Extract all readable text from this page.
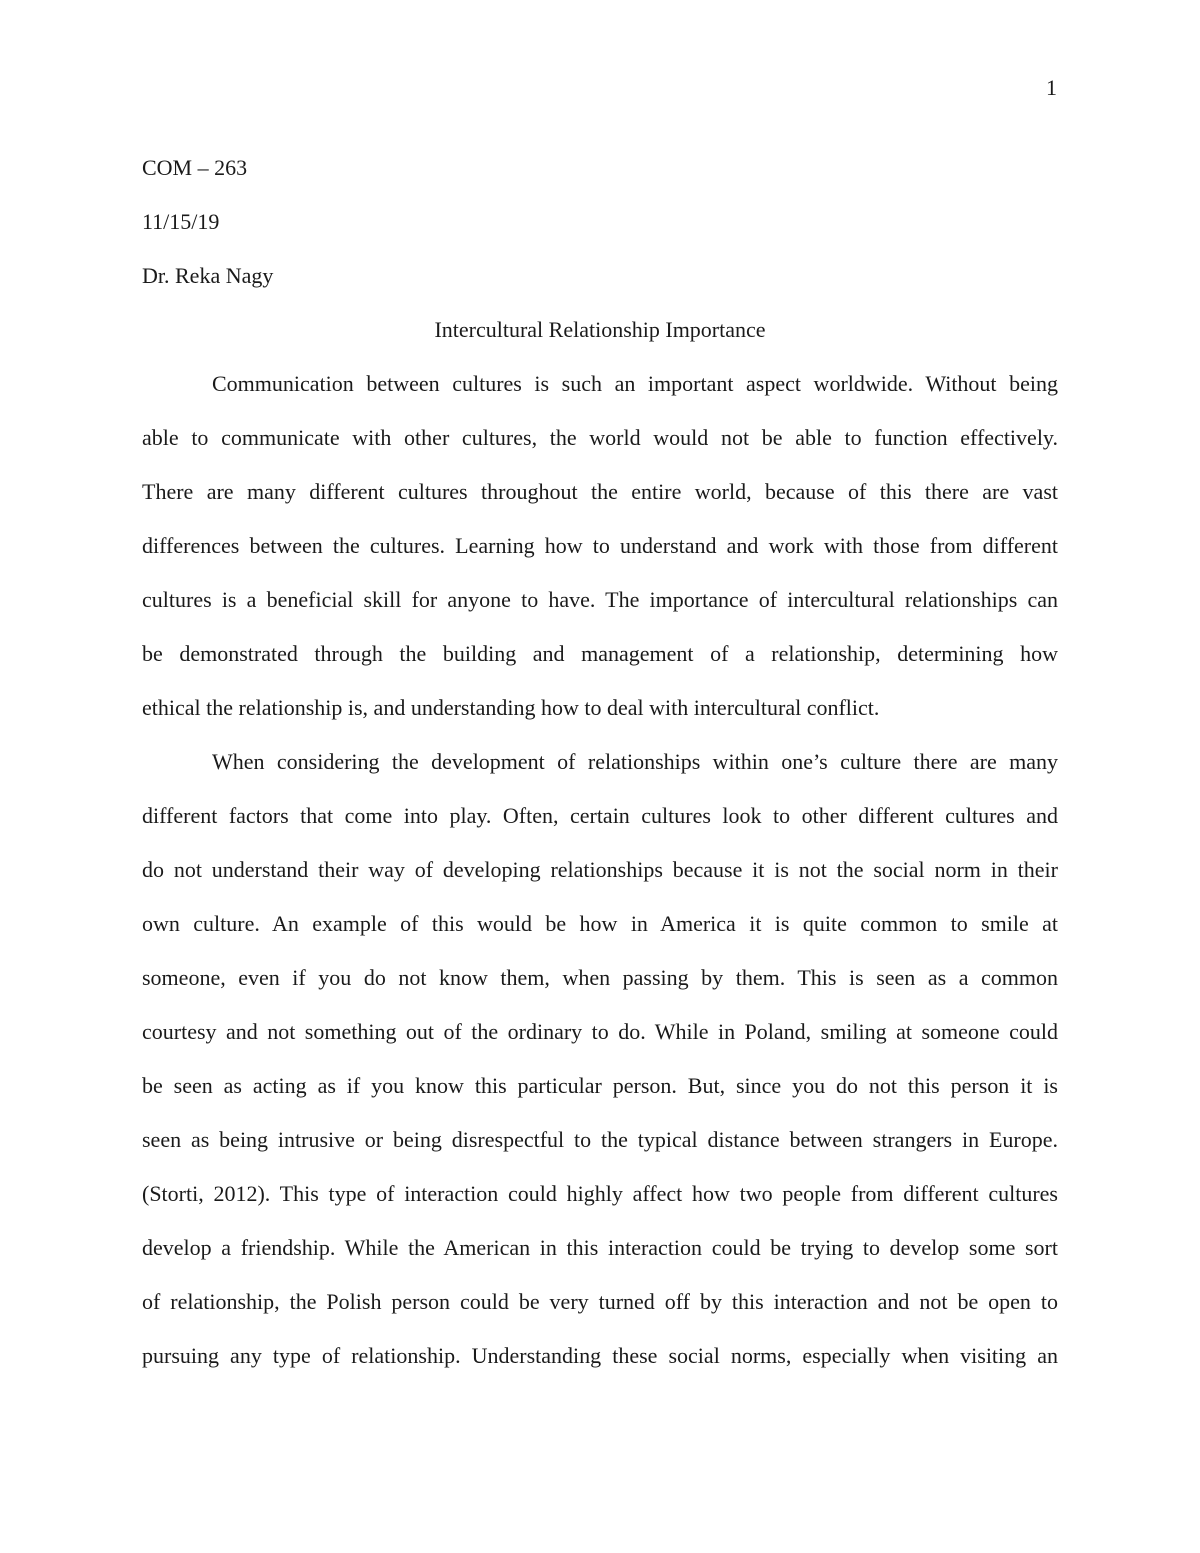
1

COM – 263

11/15/19

Dr. Reka Nagy

Intercultural Relationship Importance

Communication between cultures is such an important aspect worldwide. Without being
able to communicate with other cultures, the world would not be able to function effectively.
There are many different cultures throughout the entire world, because of this there are vast
differences between the cultures. Learning how to understand and work with those from different
cultures is a beneficial skill for anyone to have. The importance of intercultural relationships can
be demonstrated through the building and management of a relationship, determining how
ethical the relationship is, and understanding how to deal with intercultural conflict.
When considering the development of relationships within one’s culture there are many
different factors that come into play. Often, certain cultures look to other different cultures and
do not understand their way of developing relationships because it is not the social norm in their
own culture. An example of this would be how in America it is quite common to smile at
someone, even if you do not know them, when passing by them. This is seen as a common
courtesy and not something out of the ordinary to do. While in Poland, smiling at someone could
be seen as acting as if you know this particular person. But, since you do not this person it is
seen as being intrusive or being disrespectful to the typical distance between strangers in Europe.
(Storti, 2012). This type of interaction could highly affect how two people from different cultures
develop a friendship. While the American in this interaction could be trying to develop some sort
of relationship, the Polish person could be very turned off by this interaction and not be open to
pursuing any type of relationship. Understanding these social norms, especially when visiting an
